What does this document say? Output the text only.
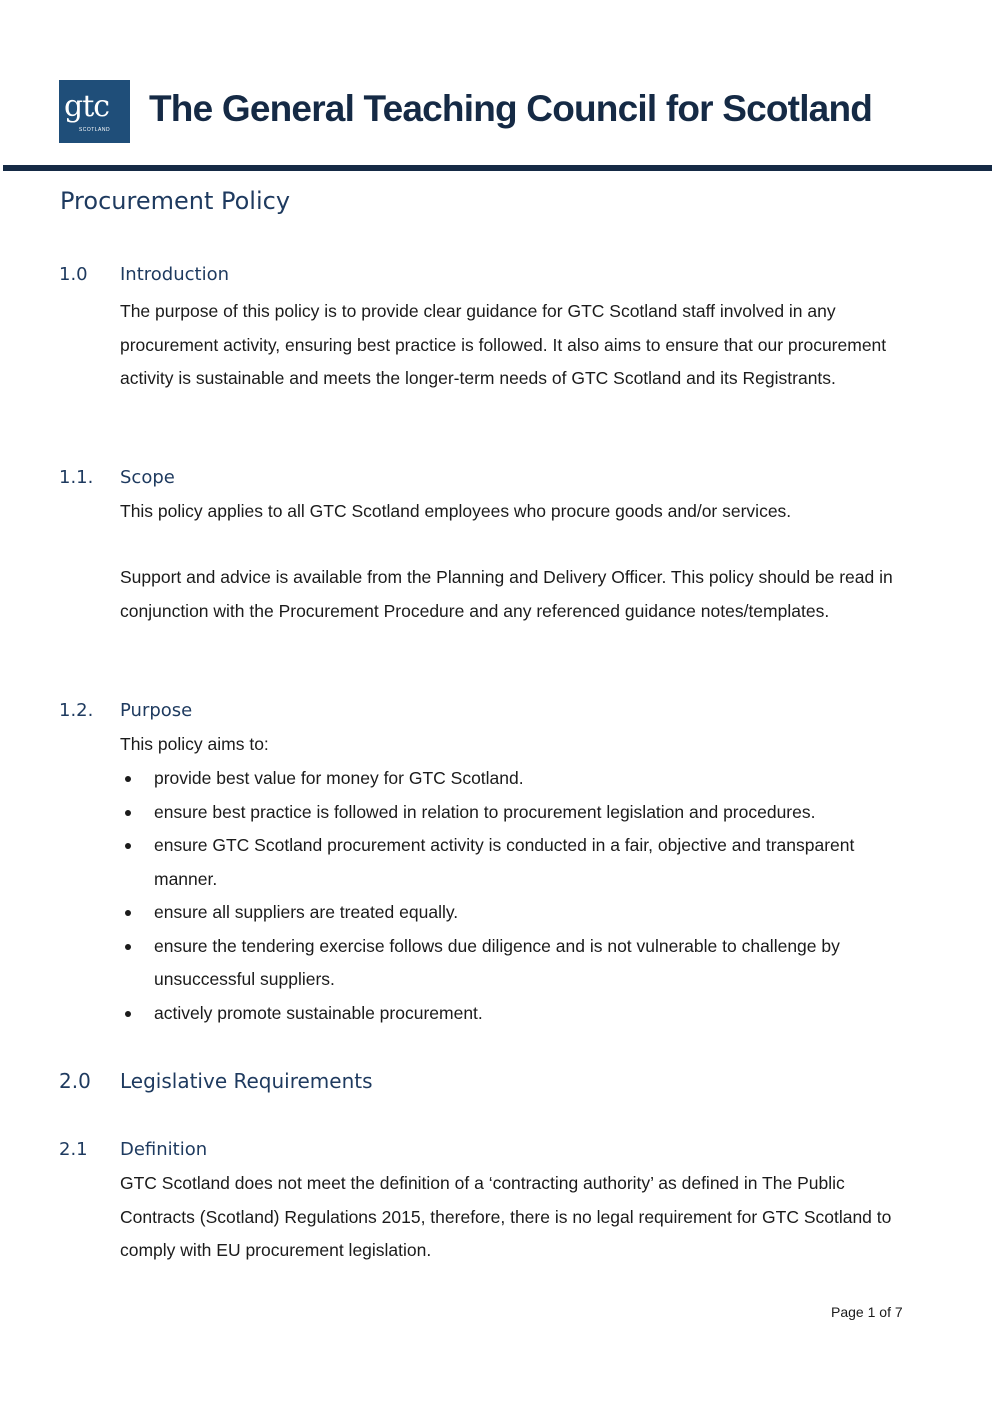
gtc
SCOTLAND
The General Teaching Council for Scotland
Procurement Policy
1.0 Introduction

The purpose of this policy is to provide clear guidance for GTC Scotland staff involved in any procurement activity, ensuring best practice is followed. It also aims to ensure that our procurement activity is sustainable and meets the longer-term needs of GTC Scotland and its Registrants.

1.1. Scope

This policy applies to all GTC Scotland employees who procure goods and/or services.

Support and advice is available from the Planning and Delivery Officer. This policy should be read in conjunction with the Procurement Procedure and any referenced guidance notes/templates.

1.2. Purpose

This policy aims to:

provide best value for money for GTC Scotland.
ensure best practice is followed in relation to procurement legislation and procedures.
ensure GTC Scotland procurement activity is conducted in a fair, objective and transparent manner.
ensure all suppliers are treated equally.
ensure the tendering exercise follows due diligence and is not vulnerable to challenge by unsuccessful suppliers.
actively promote sustainable procurement.
2.0 Legislative Requirements
2.1 Definition

GTC Scotland does not meet the definition of a ‘contracting authority’ as defined in The Public Contracts (Scotland) Regulations 2015, therefore, there is no legal requirement for GTC Scotland to comply with EU procurement legislation.

Page 1 of 7
